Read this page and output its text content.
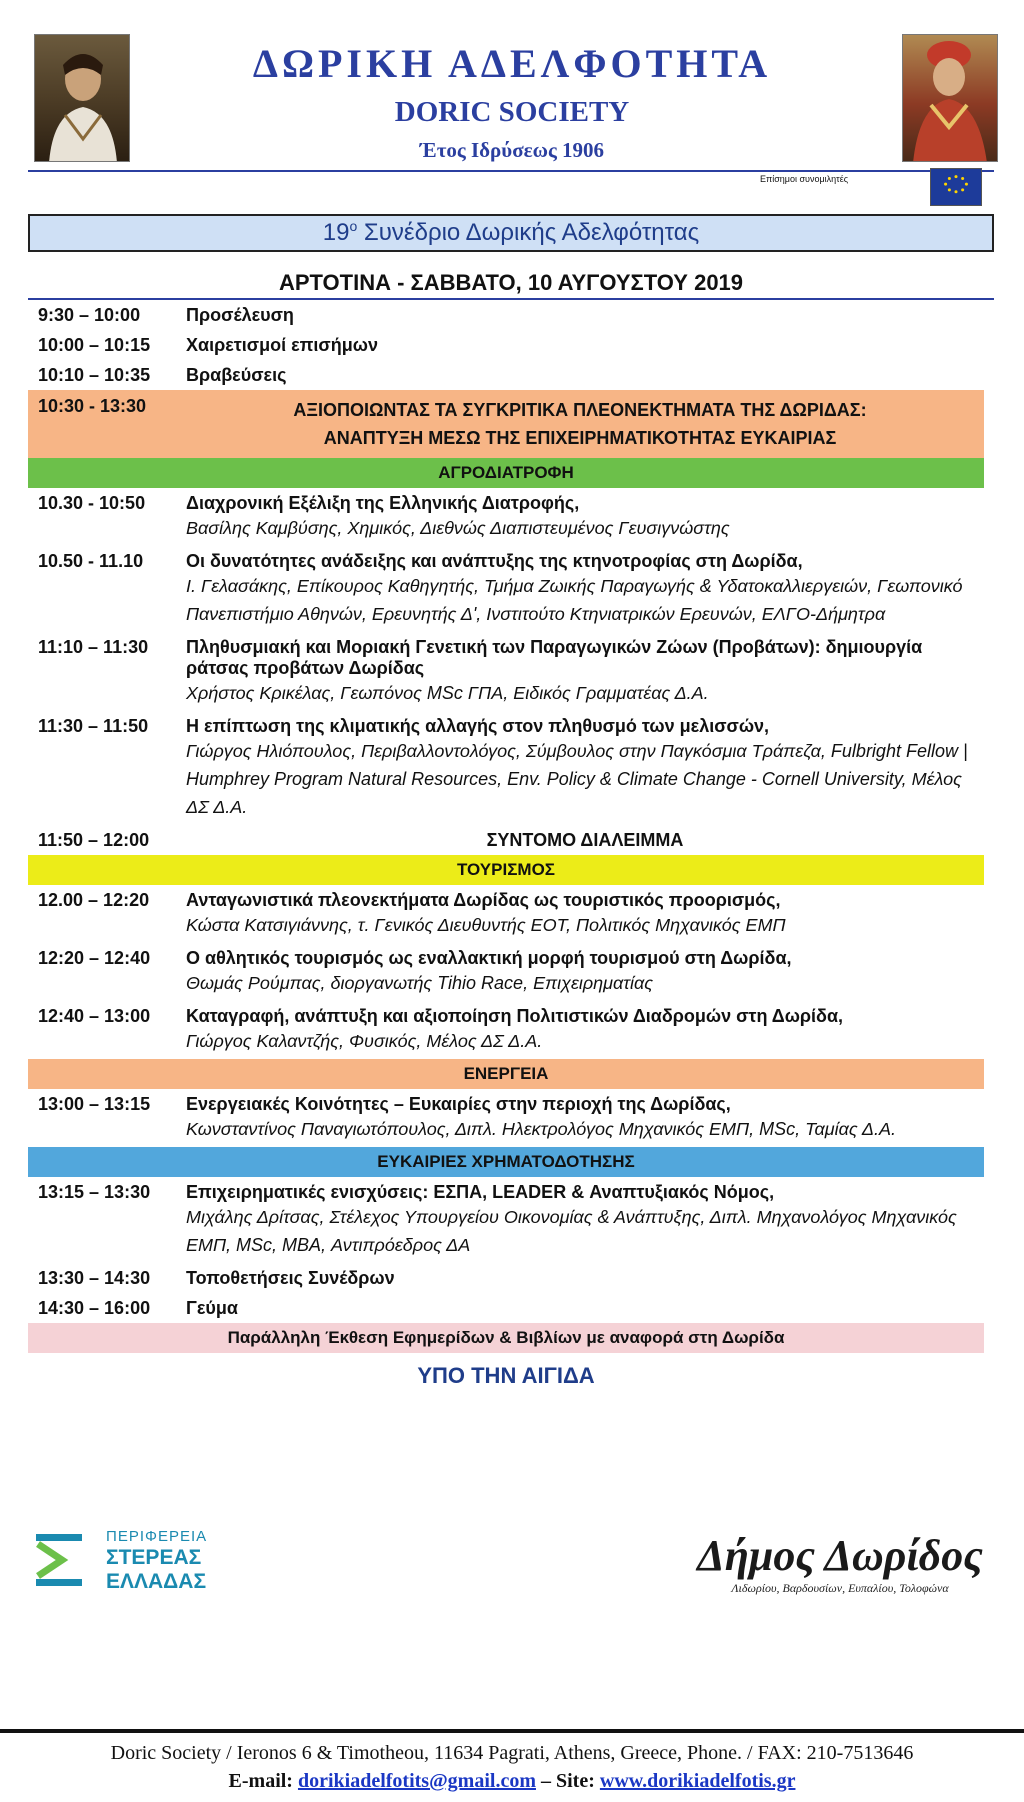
ΔΩΡΙΚΗ ΑΔΕΛΦΟΤΗΤΑ
DORIC SOCIETY
Έτος Ιδρύσεως 1906
Επίσημοι συνομιλητές
$19^o$ Συνέδριο Δωρικής Αδελφότητας
ΑΡΤΟΤΙΝΑ - ΣΑΒΒΑΤΟ, 10 ΑΥΓΟΥΣΤΟΥ 2019
9:30 – 10:00	Προσέλευση
10:00 – 10:15	Χαιρετισμοί επισήμων
10:10 – 10:35	Βραβεύσεις
10:30 - 13:30	ΑΞΙΟΠΟΙΩΝΤΑΣ ΤΑ ΣΥΓΚΡΙΤΙΚΑ ΠΛΕΟΝΕΚΤΗΜΑΤΑ ΤΗΣ ΔΩΡΙΔΑΣ:
ΑΝΑΠΤΥΞΗ ΜΕΣΩ ΤΗΣ ΕΠΙΧΕΙΡΗΜΑΤΙΚΟΤΗΤΑΣ ΕΥΚΑΙΡΙΑΣ
ΑΓΡΟΔΙΑΤΡΟΦΗ
10.30 - 10:50	Διαχρονική Εξέλιξη της Ελληνικής Διατροφής,
Βασίλης Καμβύσης, Χημικός, Διεθνώς Διαπιστευμένος Γευσιγνώστης
10.50 - 11.10	Οι δυνατότητες ανάδειξης και ανάπτυξης της κτηνοτροφίας στη Δωρίδα,
Ι. Γελασάκης, Επίκουρος Καθηγητής, Τμήμα Ζωικής Παραγωγής & Υδατοκαλλιεργειών, Γεωπονικό Πανεπιστήμιο Αθηνών, Ερευνητής Δ', Ινστιτούτο Κτηνιατρικών Ερευνών, ΕΛΓΟ-Δήμητρα
11:10 – 11:30	Πληθυσμιακή και Μοριακή Γενετική των Παραγωγικών Ζώων (Προβάτων): δημιουργία ράτσας προβάτων Δωρίδας
Χρήστος Κρικέλας, Γεωπόνος MSc ΓΠΑ, Ειδικός Γραμματέας Δ.Α.
11:30 – 11:50	Η επίπτωση της κλιματικής αλλαγής στον πληθυσμό των μελισσών,
Γιώργος Ηλιόπουλος, Περιβαλλοντολόγος, Σύμβουλος στην Παγκόσμια Τράπεζα, Fulbright Fellow | Humphrey Program Natural Resources, Env. Policy & Climate Change - Cornell University, Μέλος ΔΣ Δ.Α.
11:50 – 12:00	ΣΥΝΤΟΜΟ ΔΙΑΛΕΙΜΜΑ
ΤΟΥΡΙΣΜΟΣ
12.00 – 12:20	Ανταγωνιστικά πλεονεκτήματα Δωρίδας ως τουριστικός προορισμός,
Κώστα Κατσιγιάννης, τ. Γενικός Διευθυντής ΕΟΤ, Πολιτικός Μηχανικός ΕΜΠ
12:20 – 12:40	Ο αθλητικός τουρισμός ως εναλλακτική μορφή τουρισμού στη Δωρίδα,
Θωμάς Ρούμπας, διοργανωτής Tihio Race, Επιχειρηματίας
12:40 – 13:00	Καταγραφή, ανάπτυξη και αξιοποίηση Πολιτιστικών Διαδρομών στη Δωρίδα,
Γιώργος Καλαντζής, Φυσικός, Μέλος ΔΣ Δ.Α.
ΕΝΕΡΓΕΙΑ
13:00 – 13:15	Ενεργειακές Κοινότητες – Ευκαιρίες στην περιοχή της Δωρίδας,
Κωνσταντίνος Παναγιωτόπουλος, Διπλ. Ηλεκτρολόγος Μηχανικός ΕΜΠ, MSc, Ταμίας Δ.Α.
ΕΥΚΑΙΡΙΕΣ ΧΡΗΜΑΤΟΔΟΤΗΣΗΣ
13:15 – 13:30	Επιχειρηματικές ενισχύσεις: ΕΣΠΑ, LEADER & Αναπτυξιακός Νόμος,
Μιχάλης Δρίτσας, Στέλεχος Υπουργείου Οικονομίας & Ανάπτυξης, Διπλ. Μηχανολόγος Μηχανικός ΕΜΠ, MSc, MBA, Αντιπρόεδρος ΔΑ
13:30 – 14:30	Τοποθετήσεις Συνέδρων
14:30 – 16:00	Γεύμα
Παράλληλη Έκθεση Εφημερίδων & Βιβλίων με αναφορά στη Δωρίδα
ΥΠΟ ΤΗΝ ΑΙΓΙΔΑ
ΠΕΡΙΦΕΡΕΙΑ
ΣΤΕΡΕΑΣ
ΕΛΛΑΔΑΣ
Δήμος Δωρίδος
Λιδωρίου, Βαρδουσίων, Ευπαλίου, Τολοφώνα
Doric Society / Ieronos 6 & Timotheou, 11634 Pagrati, Athens, Greece, Phone. / FAX: 210-7513646
E-mail: dorikiadelfotits@gmail.com – Site: www.dorikiadelfotis.gr
